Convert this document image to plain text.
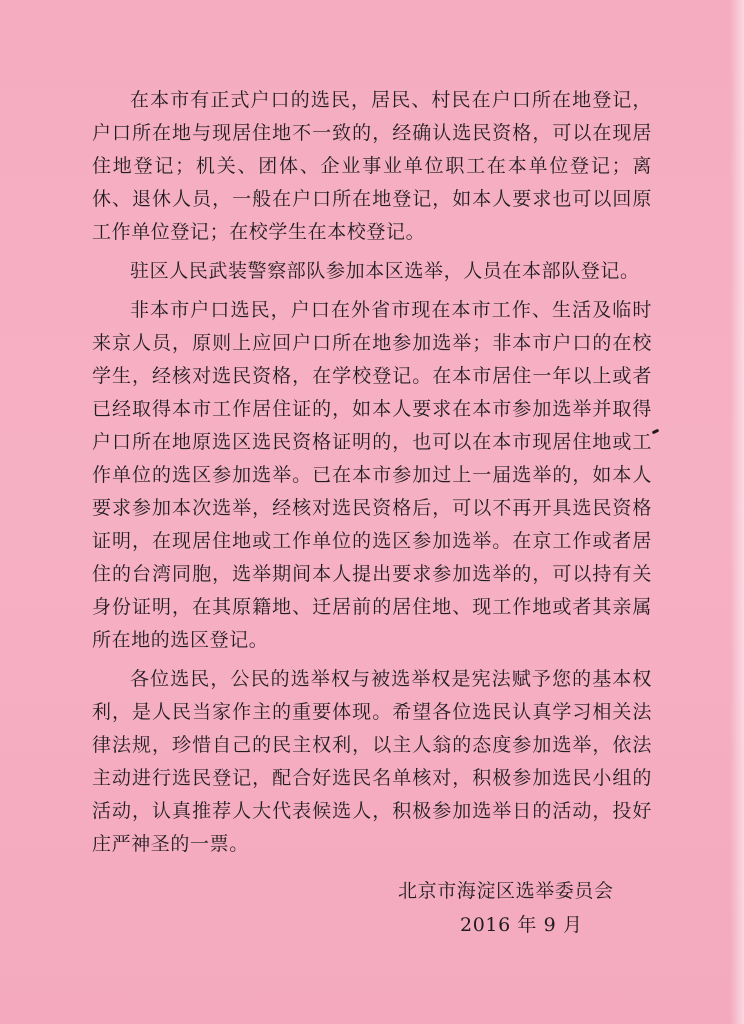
在本市有正式户口的选民，居民、村民在户口所在地登记，户口所在地与现居住地不一致的，经确认选民资格，可以在现居住地登记；机关、团体、企业事业单位职工在本单位登记；离休、退休人员，一般在户口所在地登记，如本人要求也可以回原工作单位登记；在校学生在本校登记。

驻区人民武装警察部队参加本区选举，人员在本部队登记。

非本市户口选民，户口在外省市现在本市工作、生活及临时来京人员，原则上应回户口所在地参加选举；非本市户口的在校学生，经核对选民资格，在学校登记。在本市居住一年以上或者已经取得本市工作居住证的，如本人要求在本市参加选举并取得户口所在地原选区选民资格证明的，也可以在本市现居住地或工作单位的选区参加选举。已在本市参加过上一届选举的，如本人要求参加本次选举，经核对选民资格后，可以不再开具选民资格证明，在现居住地或工作单位的选区参加选举。在京工作或者居住的台湾同胞，选举期间本人提出要求参加选举的，可以持有关身份证明，在其原籍地、迁居前的居住地、现工作地或者其亲属所在地的选区登记。

各位选民，公民的选举权与被选举权是宪法赋予您的基本权利，是人民当家作主的重要体现。希望各位选民认真学习相关法律法规，珍惜自己的民主权利，以主人翁的态度参加选举，依法主动进行选民登记，配合好选民名单核对，积极参加选民小组的活动，认真推荐人大代表候选人，积极参加选举日的活动，投好庄严神圣的一票。

北京市海淀区选举委员会
2016 年 9 月
